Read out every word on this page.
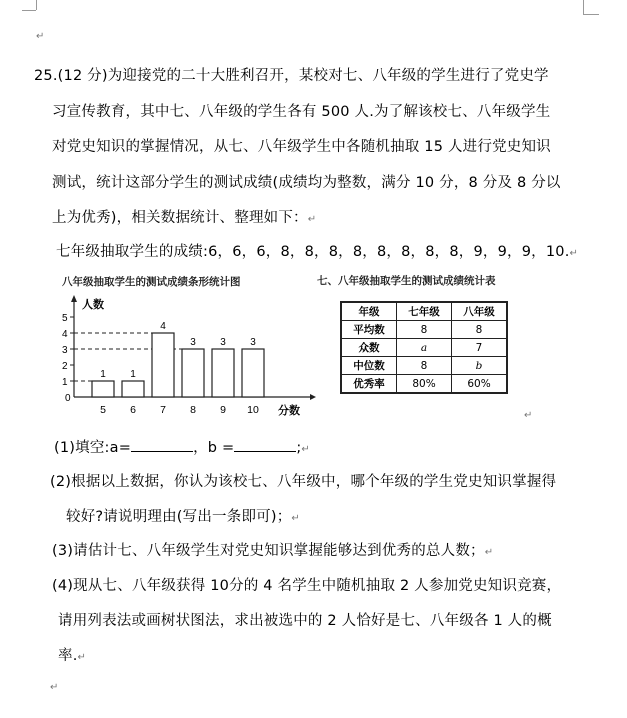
↵
25.(12 分)为迎接党的二十大胜利召开，某校对七、八年级的学生进行了党史学
习宣传教育，其中七、八年级的学生各有 500 人.为了解该校七、八年级学生
对党史知识的掌握情况，从七、八年级学生中各随机抽取 15 人进行党史知识
测试，统计这部分学生的测试成绩(成绩均为整数，满分 10 分，8 分及 8 分以
上为优秀)，相关数据统计、整理如下：↵
七年级抽取学生的成绩:6，6，6，8，8，8，8，8，8，8，8，9，9，9，10.↵
八年级抽取学生的测试成绩条形统计图	七、八年级抽取学生的测试成绩统计表
人数
分数
0
1
2
3
4
5
1
5
1
6
4
7
3
8
3
9
3
10
年级	七年级	八年级
平均数	8	8
众数	a	7
中位数	8	b
优秀率	80%	60%
↵
(1)填空:a=	，b =	;↵
(2)根据以上数据，你认为该校七、八年级中，哪个年级的学生党史知识掌握得
较好?请说明理由(写出一条即可)；↵
(3)请估计七、八年级学生对党史知识掌握能够达到优秀的总人数；↵
(4)现从七、八年级获得 10分的 4 名学生中随机抽取 2 人参加党史知识竞赛，
请用列表法或画树状图法，求出被选中的 2 人恰好是七、八年级各 1 人的概
率.↵
↵
